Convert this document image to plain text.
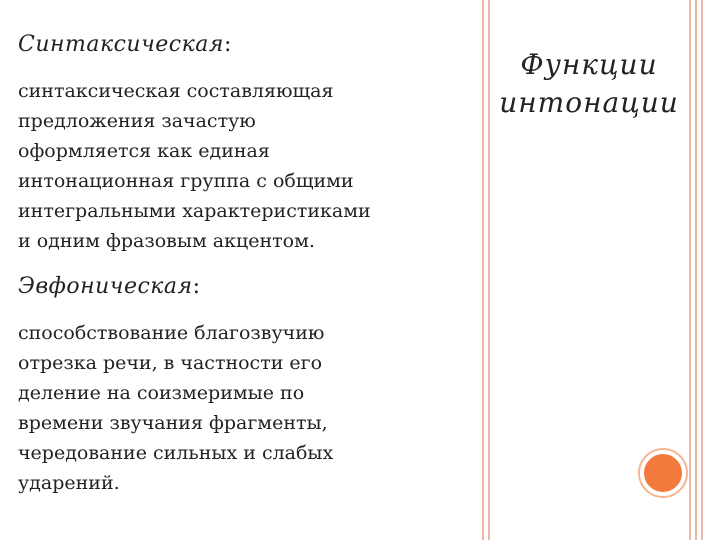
Синтаксическая:

синтаксическая составляющая
предложения зачастую
оформляется как единая
интонационная группа с общими
интегральными характеристиками
и одним фразовым акцентом.

Эвфоническая:

способствование благозвучию
отрезка речи, в частности его
деление на соизмеримые по
времени звучания фрагменты,
чередование сильных и слабых
ударений.
Функции
интонации
